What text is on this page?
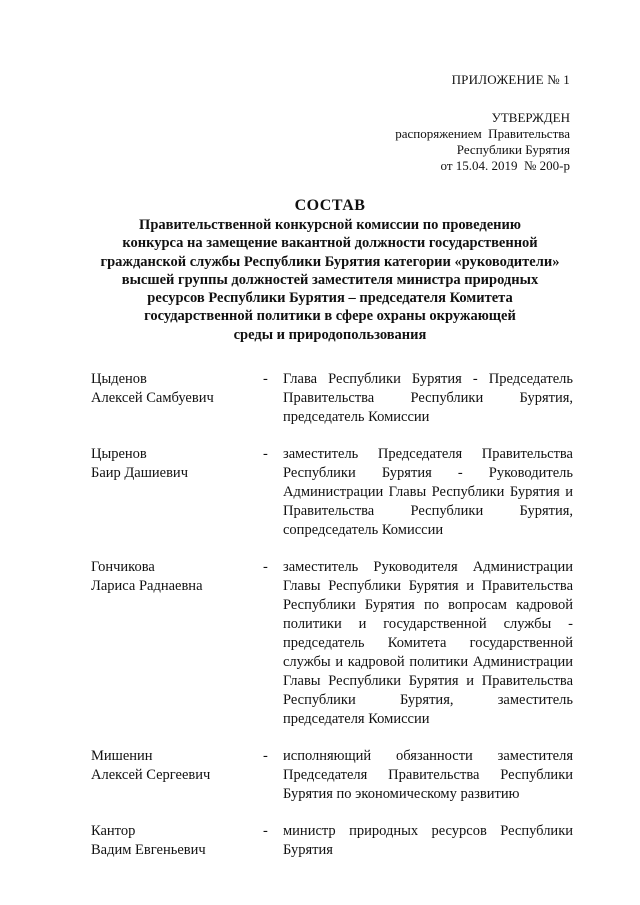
ПРИЛОЖЕНИЕ № 1
УТВЕРЖДЕН
распоряжением  Правительства
Республики Бурятия
от 15.04. 2019  № 200-р
СОСТАВ
Правительственной конкурсной комиссии по проведению
конкурса на замещение вакантной должности государственной
гражданской службы Республики Бурятия категории «руководители»
высшей группы должностей заместителя министра природных
ресурсов Республики Бурятия – председателя Комитета
государственной политики в сфере охраны окружающей
среды и природопользования
Цыденов
Алексей Самбуевич
-	Глава Республики Бурятия - Председатель Правительства Республики Бурятия, председатель Комиссии
Цыренов
Баир Дашиевич
-	заместитель Председателя Правительства Республики Бурятия - Руководитель Администрации Главы Республики Бурятия и Правительства Республики Бурятия, сопредседатель Комиссии
Гончикова
Лариса Раднаевна
-	заместитель Руководителя Администрации Главы Республики Бурятия и Правительства Республики Бурятия по вопросам кадровой политики и государственной службы - председатель Комитета государственной службы и кадровой политики Администрации Главы Республики Бурятия и Правительства Республики Бурятия, заместитель председателя Комиссии
Мишенин
Алексей Сергеевич
-	исполняющий обязанности заместителя Председателя Правительства Республики Бурятия по экономическому развитию
Кантор
Вадим Евгеньевич
-	министр природных ресурсов Республики Бурятия
